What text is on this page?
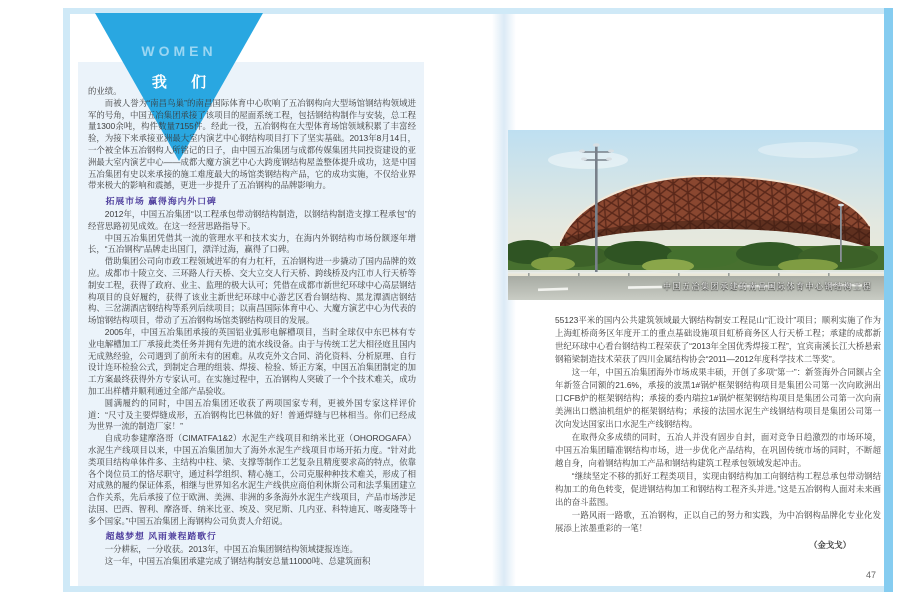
WOMEN
我 们

的业绩。

而被人誉为“南昌鸟巢”的南昌国际体育中心吹响了五冶钢构向大型场馆钢结构领域进军的号角，中国五冶集团承接了该项目的屋面系统工程，包括钢结构制作与安装，总工程量1300余吨，构件数量7155件。经此一役，五冶钢构在大型体育场馆领域积累了丰富经验，为接下来承接亚洲最大室内演艺中心钢结构项目打下了坚实基础。2013年8月14日，一个被全体五冶钢构人所铭记的日子，由中国五冶集团与成都传媒集团共同投资建设的亚洲最大室内演艺中心——成都大魔方演艺中心大跨度钢结构屋盖整体提升成功，这是中国五冶集团有史以来承接的施工难度最大的场馆类钢结构产品，它的成功实施，不仅给业界带来极大的影响和震撼，更进一步提升了五冶钢构的品牌影响力。

拓展市场 赢得海内外口碑

2012年，中国五冶集团“以工程承包带动钢结构制造，以钢结构制造支撑工程承包”的经营思路初见成效。在这一经营思路指导下。

中国五冶集团凭借其一流的管理水平和技术实力，在海内外钢结构市场份额逐年增长，“五冶钢构”品牌走出国门，漂洋过海，赢得了口碑。

借助集团公司向市政工程领域进军的有力杠杆，五冶钢构进一步撬动了国内品牌的效应。成都市十陵立交、三环路人行天桥、交大立交人行天桥、跨线桥及内江市人行天桥等制安工程，获得了政府、业主、监理的极大认可；凭借在成都市新世纪环球中心高层钢结构项目的良好履约，获得了该业主新世纪环球中心游艺区看台钢结构、黑龙潭酒店钢结构、三岔湖酒店钢结构等系列后续项目；以南昌国际体育中心、大魔方演艺中心为代表的场馆钢结构项目，带动了五冶钢构场馆类钢结构项目的发展。

2005年，中国五冶集团承接的英国铝业弧形电解槽项目，当时全球仅中东巴林有专业电解槽加工厂承接此类任务并拥有先进的流水线设备。由于与传统工艺大相径庭且国内无成熟经验，公司遇到了前所未有的困难。从攻克外文合同、消化资料、分析原理、自行设计连环检验公式，到制定合理的组装、焊接、检验、矫正方案，中国五冶集团制定的加工方案最终获得外方专家认可。在实施过程中，五冶钢构人突破了一个个技术难关，成功加工出样槽并顺利通过全部产品验收。

圆满履约的同时，中国五冶集团还收获了两项国家专利，更被外国专家这样评价道：“尺寸及主要焊缝成形，五冶钢构比巴林做的好！普通焊缝与巴林相当。你们已经成为世界一流的制造厂家！”

自成功参建摩洛哥（CIMATFA1&2）水泥生产线项目和纳米比亚（OHOROGAFA）水泥生产线项目以来，中国五冶集团加大了海外水泥生产线项目市场开拓力度。“针对此类项目结构单体件多、主结构中柱、梁、支撑等制作工艺复杂且精度要求高的特点，依靠各个岗位员工的恪尽职守，通过科学组织、精心施工，公司克服种种技术难关，形成了相对成熟的履约保证体系，相继与世界知名水泥生产线供应商伯利休斯公司和法孚集团建立合作关系，先后承接了位于欧洲、美洲、非洲的多条海外水泥生产线项目，产品市场涉足法国、巴西、智利、摩洛哥、纳米比亚、埃及、突尼斯、几内亚、科特迪瓦、喀麦隆等十多个国家。”中国五冶集团上海钢构公司负责人介绍说。

超越梦想 风雨兼程踏歌行

一分耕耘，一分收获。2013年，中国五冶集团钢结构领域捷报连连。

这一年，中国五冶集团承建完成了钢结构制安总量11000吨、总建筑面积

中国五冶集团承建的南昌国际体育中心钢结构工程

55123平米的国内公共建筑领域最大钢结构制安工程昆山“汇设计”项目；顺利实施了作为上海虹桥商务区年度开工的重点基础设施项目虹桥商务区人行天桥工程；承建的成都新世纪环球中心看台钢结构工程荣获了“2013年全国优秀焊接工程”，宜宾南溪长江大桥悬索钢箱梁制造技术荣获了四川金属结构协会“2011—2012年度科学技术二等奖”。

这一年，中国五冶集团海外市场成果丰硕，开创了多项“第一”：新签海外合同额占全年新签合同额的21.6%，承接的波黑1#锅炉框架钢结构项目是集团公司第一次向欧洲出口CFB炉的框架钢结构；承接的委内瑞拉1#锅炉框架钢结构项目是集团公司第一次向南美洲出口燃油机组炉的框架钢结构；承接的法国水泥生产线钢结构项目是集团公司第一次向发达国家出口水泥生产线钢结构。

在取得众多成绩的同时，五冶人并没有固步自封，面对竞争日趋激烈的市场环境，中国五冶集团瞄准钢结构市场，进一步优化产品结构，在巩固传统市场的同时，不断超越自身，向着钢结构加工产品和钢结构建筑工程承包领域发起冲击。

“继续坚定不移的抓好工程类项目，实现由钢结构加工向钢结构工程总承包带动钢结构加工的角色转变，促进钢结构加工和钢结构工程齐头并进。”这是五冶钢构人面对未来画出的奋斗蓝图。

一路风雨一路歌，五冶钢构，正以自己的努力和实践，为中冶钢构品牌化专业化发展添上浓墨重彩的一笔！

（金戈戈）

47
